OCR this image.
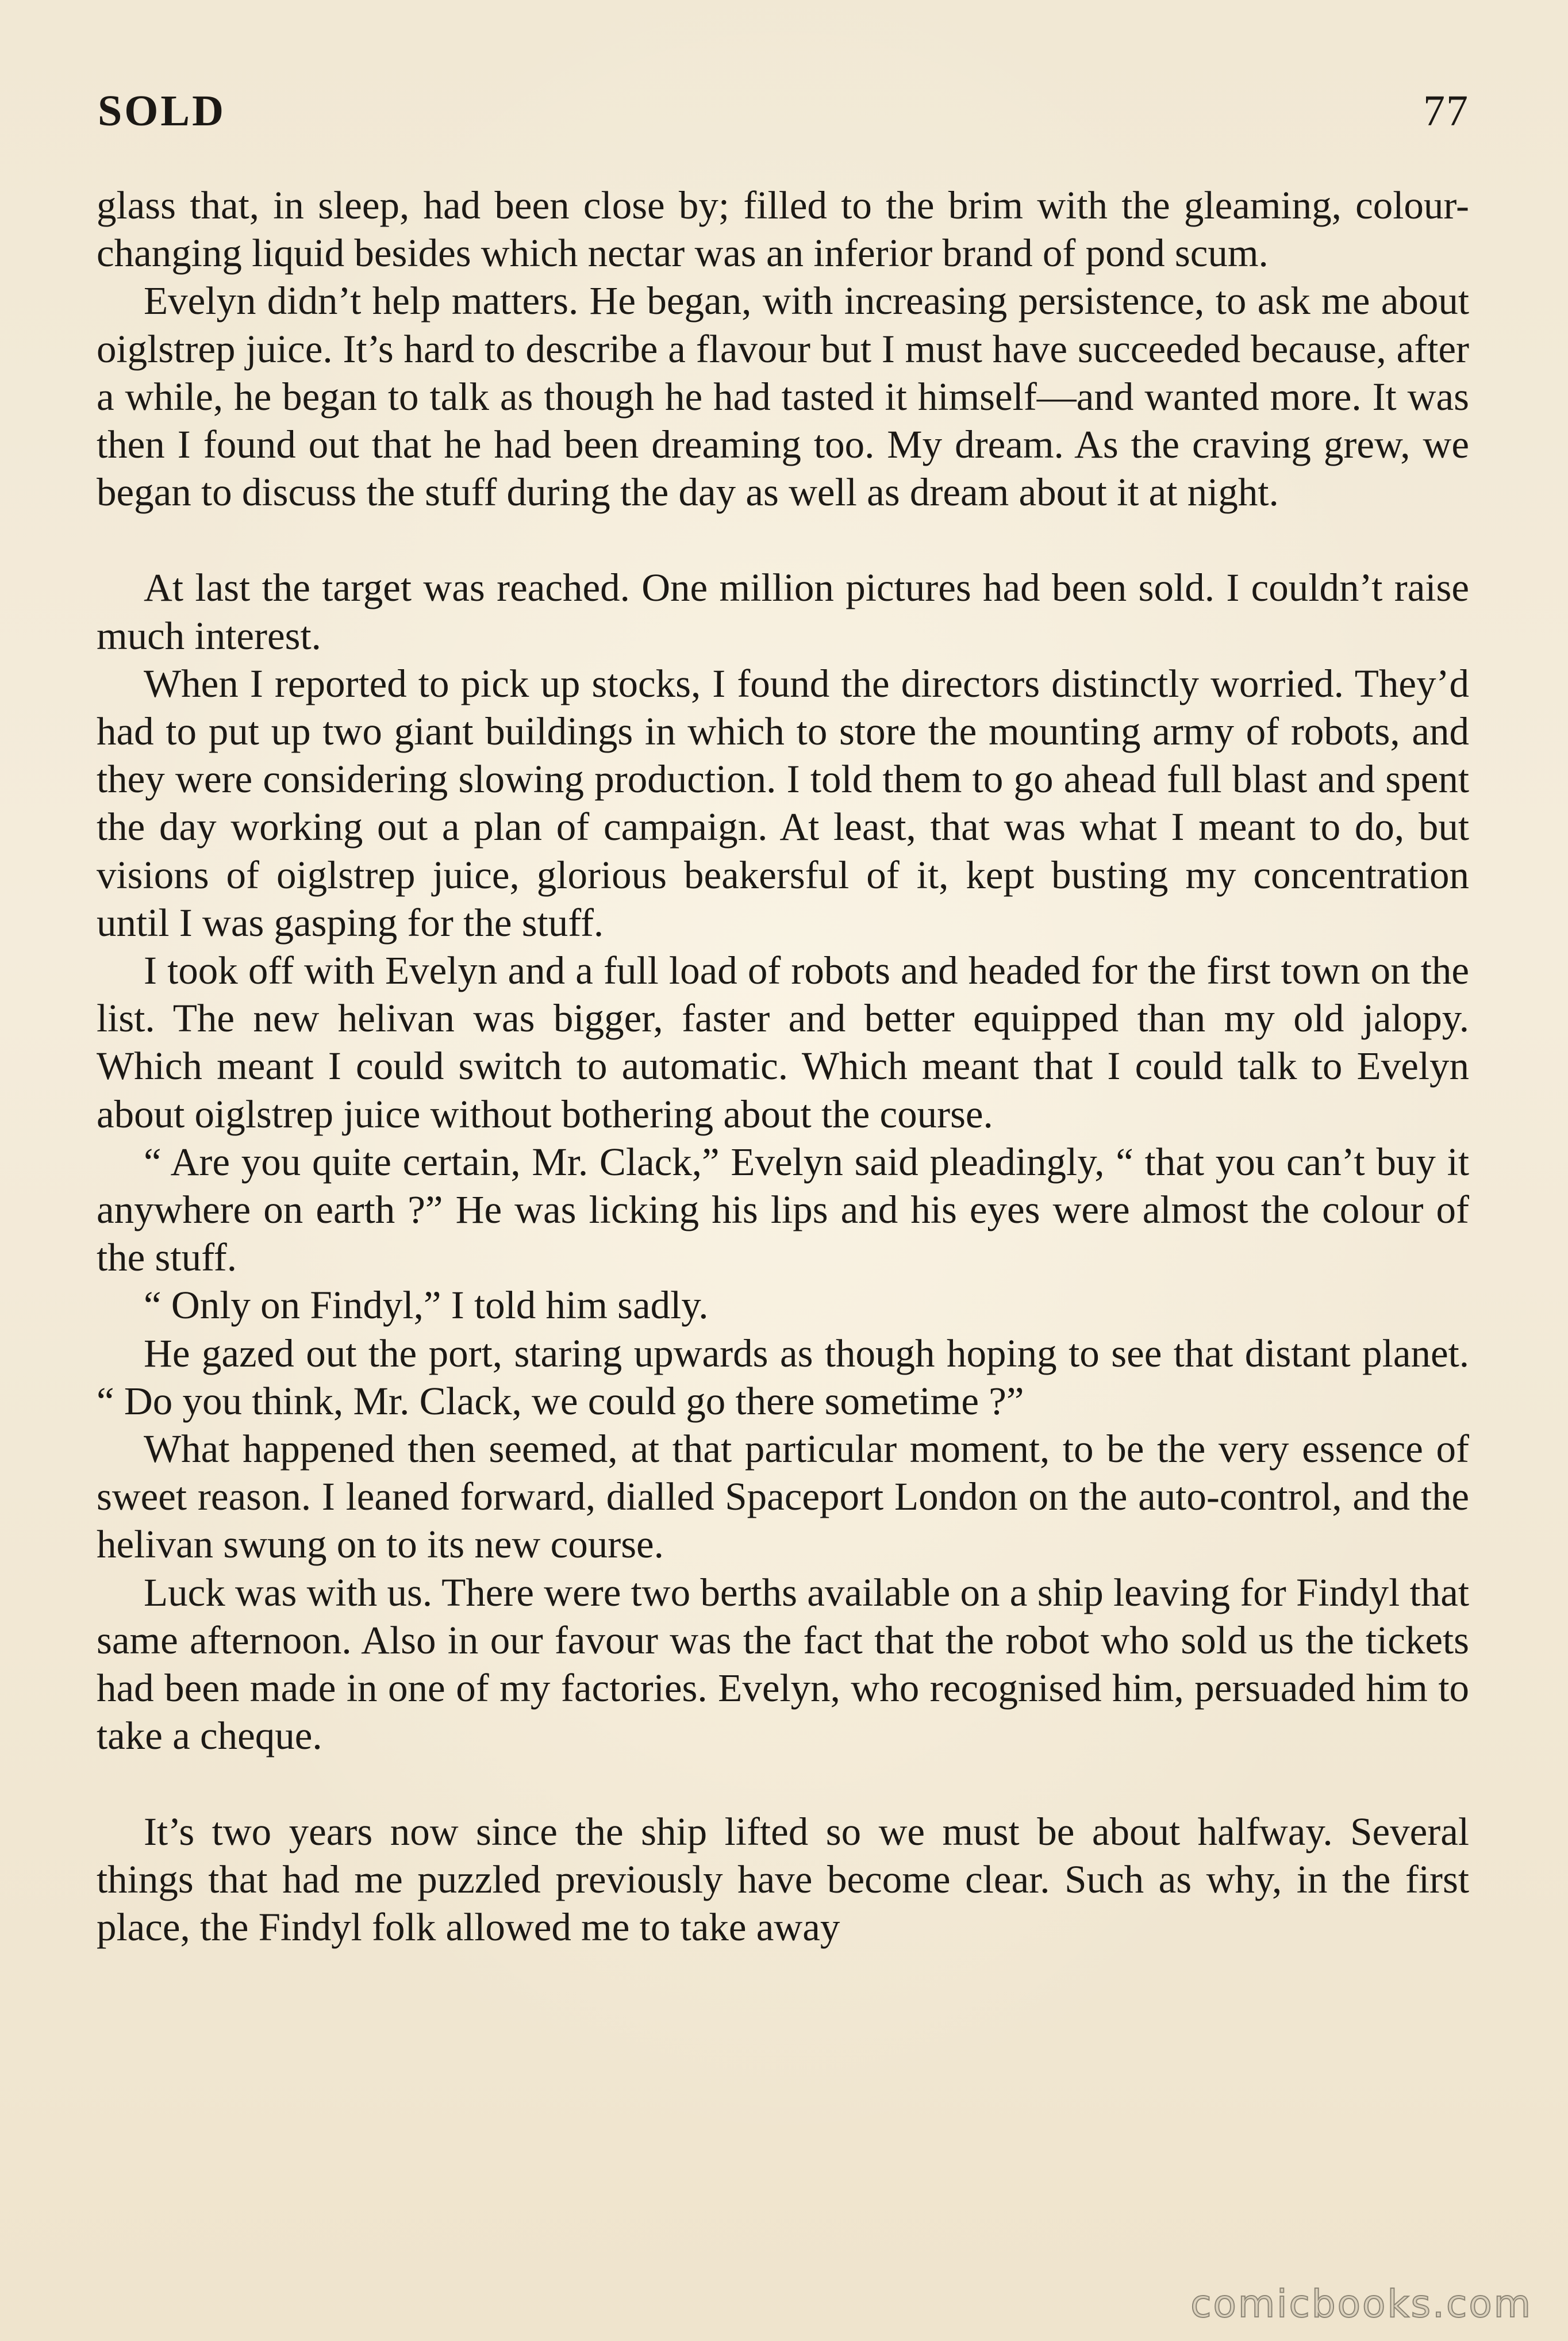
SOLD	77

glass that, in sleep, had been close by; filled to the brim with the gleaming, colour-changing liquid besides which nectar was an inferior brand of pond scum.

Evelyn didn’t help matters. He began, with increasing persistence, to ask me about oiglstrep juice. It’s hard to describe a flavour but I must have succeeded because, after a while, he began to talk as though he had tasted it himself—and wanted more. It was then I found out that he had been dreaming too. My dream. As the craving grew, we began to discuss the stuff during the day as well as dream about it at night.

At last the target was reached. One million pictures had been sold. I couldn’t raise much interest.

When I reported to pick up stocks, I found the directors distinctly worried. They’d had to put up two giant buildings in which to store the mounting army of robots, and they were considering slowing production. I told them to go ahead full blast and spent the day working out a plan of campaign. At least, that was what I meant to do, but visions of oiglstrep juice, glorious beakersful of it, kept busting my concentration until I was gasping for the stuff.

I took off with Evelyn and a full load of robots and headed for the first town on the list. The new helivan was bigger, faster and better equipped than my old jalopy. Which meant I could switch to automatic. Which meant that I could talk to Evelyn about oiglstrep juice without bothering about the course.

“ Are you quite certain, Mr. Clack,” Evelyn said pleadingly, “ that you can’t buy it anywhere on earth ?” He was licking his lips and his eyes were almost the colour of the stuff.

“ Only on Findyl,” I told him sadly.

He gazed out the port, staring upwards as though hoping to see that distant planet. “ Do you think, Mr. Clack, we could go there sometime ?”

What happened then seemed, at that particular moment, to be the very essence of sweet reason. I leaned forward, dialled Spaceport London on the auto-control, and the helivan swung on to its new course.

Luck was with us. There were two berths available on a ship leaving for Findyl that same afternoon. Also in our favour was the fact that the robot who sold us the tickets had been made in one of my factories. Evelyn, who recognised him, persuaded him to take a cheque.

It’s two years now since the ship lifted so we must be about halfway. Several things that had me puzzled previously have become clear. Such as why, in the first place, the Findyl folk allowed me to take away

comicbooks.com
